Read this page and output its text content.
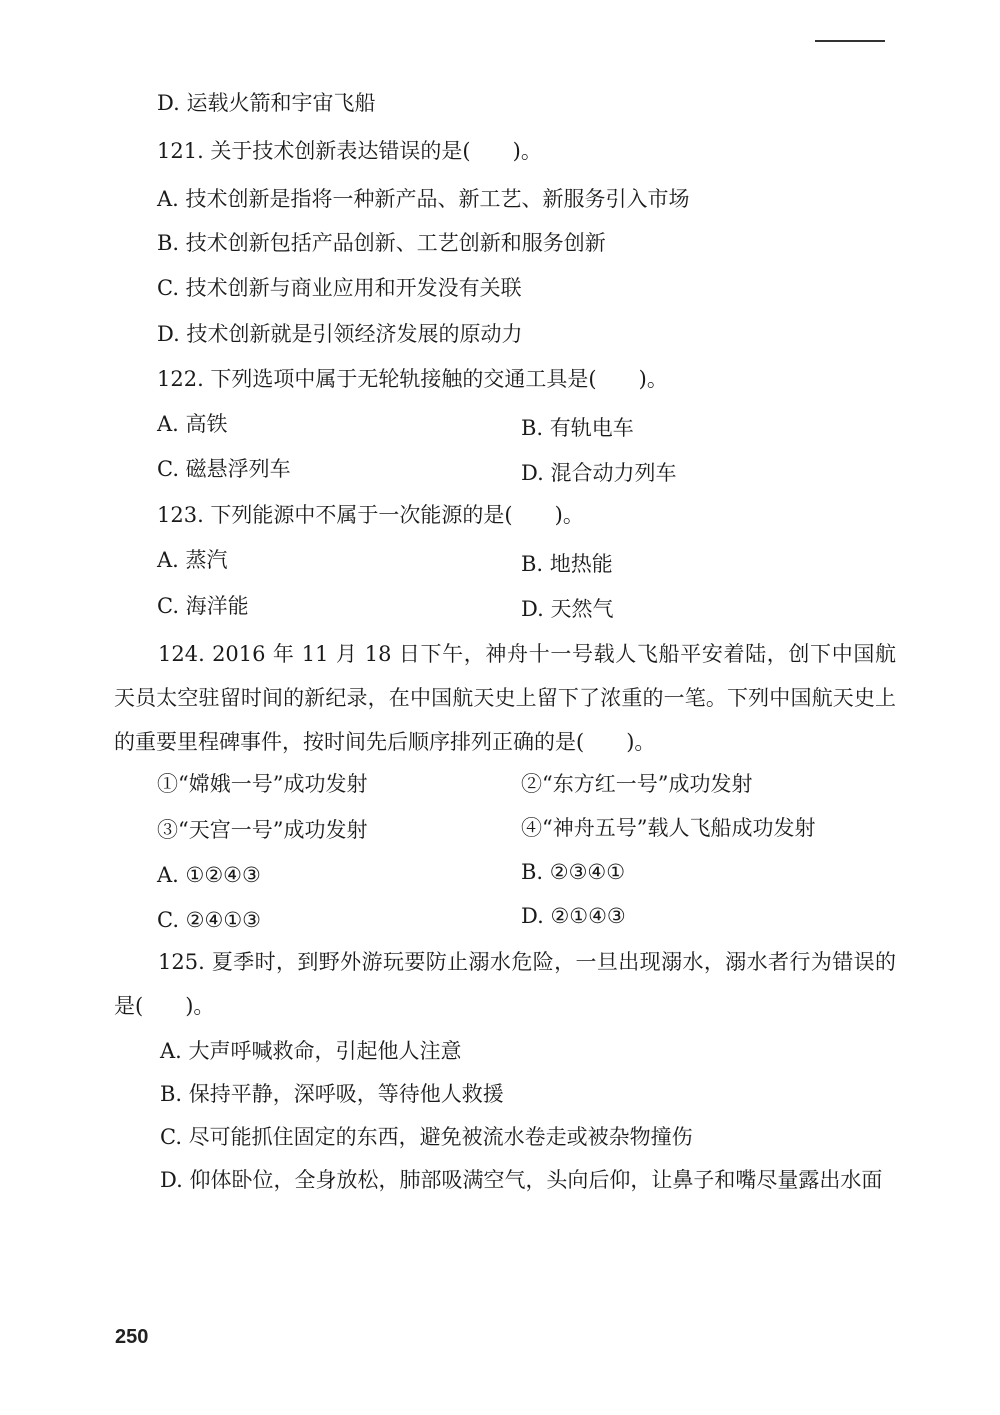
D. 运载火箭和宇宙飞船
121. 关于技术创新表达错误的是(　　)。
A. 技术创新是指将一种新产品、新工艺、新服务引入市场
B. 技术创新包括产品创新、工艺创新和服务创新
C. 技术创新与商业应用和开发没有关联
D. 技术创新就是引领经济发展的原动力
122. 下列选项中属于无轮轨接触的交通工具是(　　)。
A. 高铁	B. 有轨电车
C. 磁悬浮列车	D. 混合动力列车
123. 下列能源中不属于一次能源的是(　　)。
A. 蒸汽	B. 地热能
C. 海洋能	D. 天然气
124. 2016 年 11 月 18 日下午，神舟十一号载人飞船平安着陆，创下中国航天员太空驻留时间的新纪录，在中国航天史上留下了浓重的一笔。下列中国航天史上的重要里程碑事件，按时间先后顺序排列正确的是(　　)。
①“嫦娥一号”成功发射	②“东方红一号”成功发射
③“天宫一号”成功发射	④“神舟五号”载人飞船成功发射
A. ①②④③	B. ②③④①
C. ②④①③	D. ②①④③
125. 夏季时，到野外游玩要防止溺水危险，一旦出现溺水，溺水者行为错误的是(　　)。
A. 大声呼喊救命，引起他人注意
B. 保持平静，深呼吸，等待他人救援
C. 尽可能抓住固定的东西，避免被流水卷走或被杂物撞伤
D. 仰体卧位，全身放松，肺部吸满空气，头向后仰，让鼻子和嘴尽量露出水面
250
